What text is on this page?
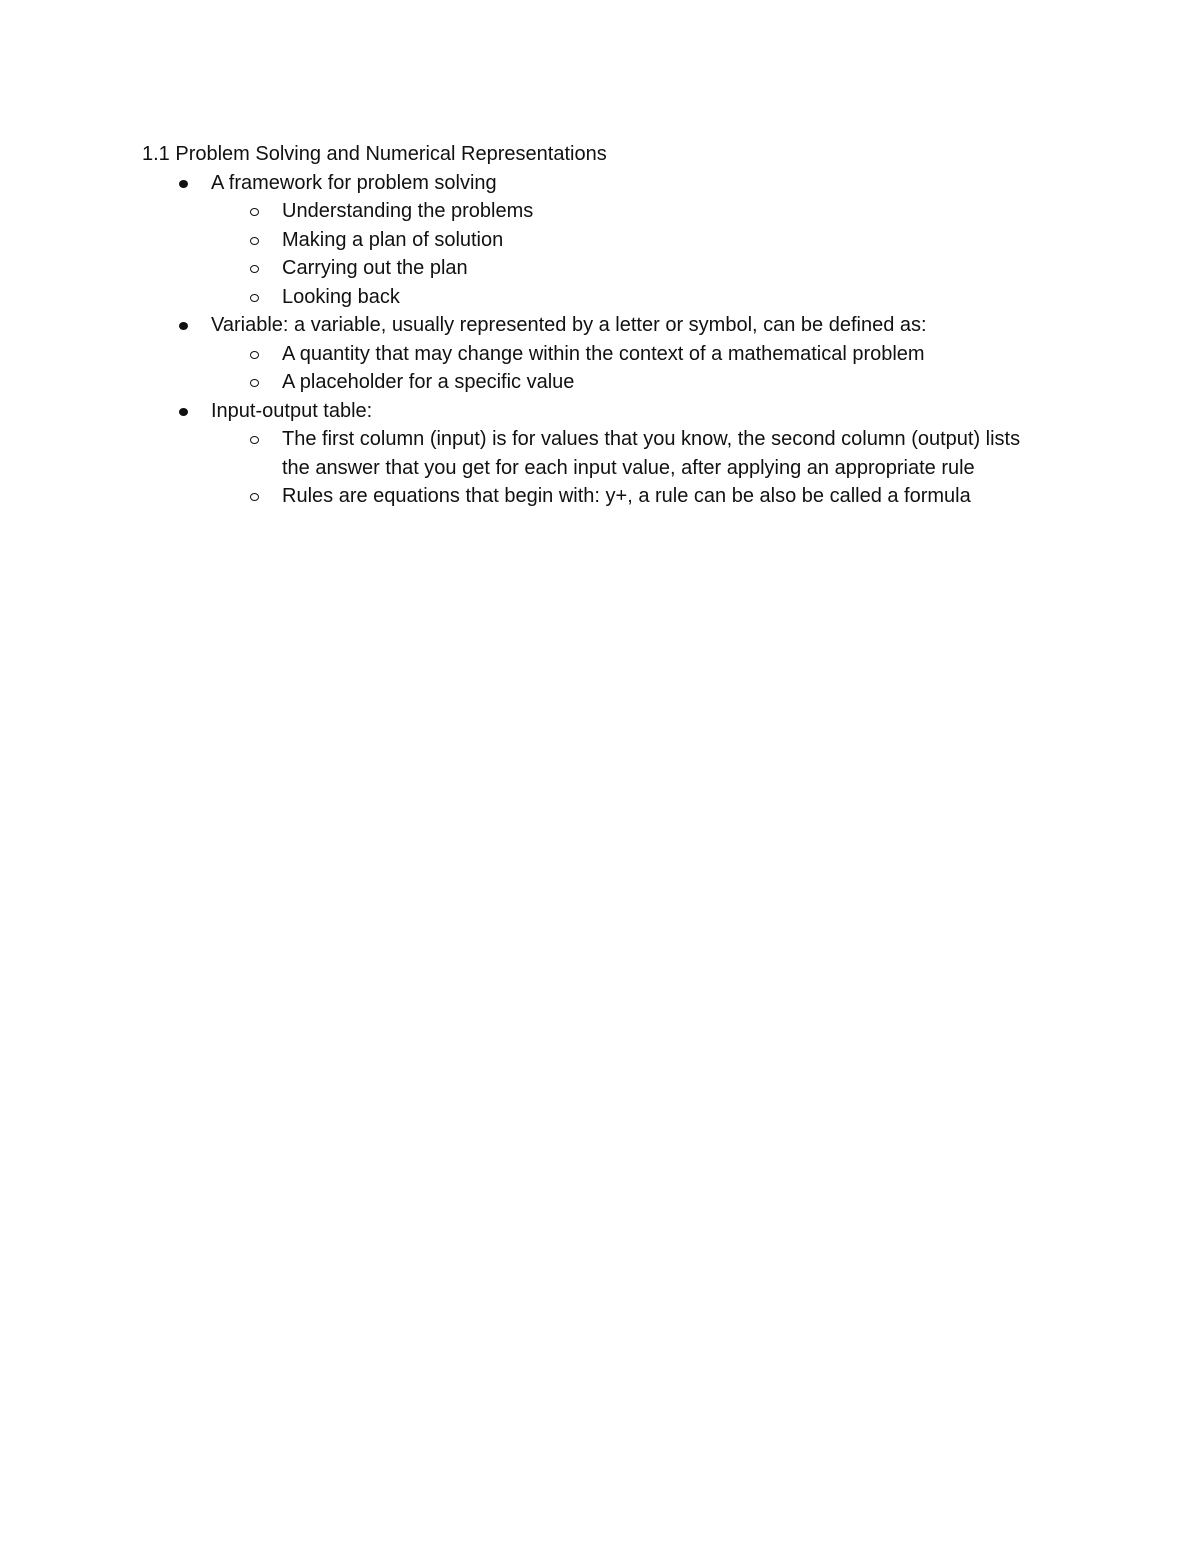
1.1 Problem Solving and Numerical Representations
A framework for problem solving
Understanding the problems
Making a plan of solution
Carrying out the plan
Looking back
Variable: a variable, usually represented by a letter or symbol, can be defined as:
A quantity that may change within the context of a mathematical problem
A placeholder for a specific value
Input-output table:
The first column (input) is for values that you know, the second column (output) lists the answer that you get for each input value, after applying an appropriate rule
Rules are equations that begin with: y+, a rule can be also be called a formula
